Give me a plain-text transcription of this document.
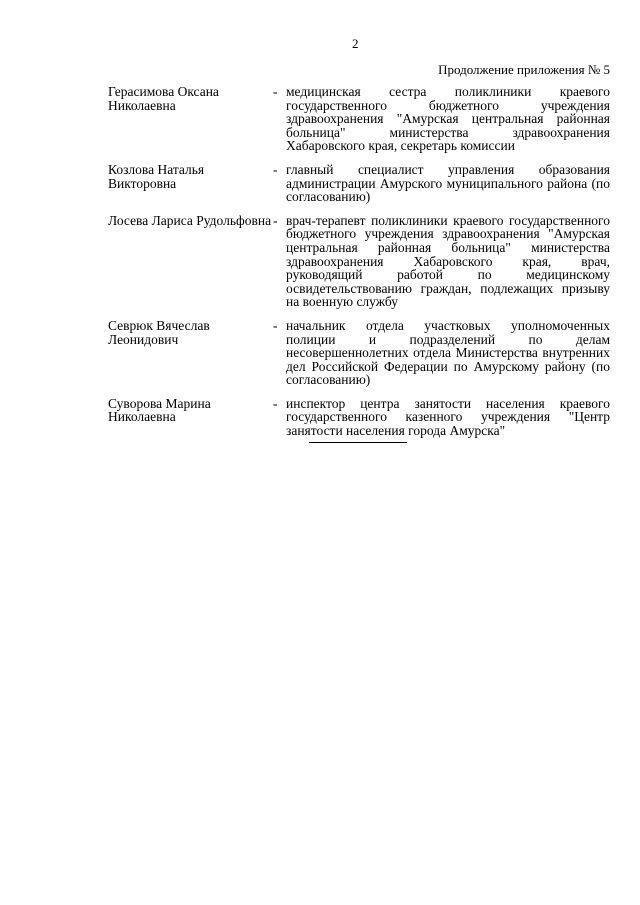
2
Продолжение приложения № 5
Герасимова Оксана Николаевна
- медицинская сестра поликлиники краевого государственного бюджетного учреждения здравоохранения "Амурская центральная районная больница" министерства здравоохранения Хабаровского края, секретарь комиссии
Козлова Наталья Викторовна
- главный специалист управления образования администрации Амурского муниципального района (по согласованию)
Лосева Лариса Рудольфовна - врач-терапевт поликлиники краевого государственного бюджетного учреждения здравоохранения "Амурская центральная районная больница" министерства здравоохранения Хабаровского края, врач, руководящий работой по медицинскому освидетельствованию граждан, подлежащих призыву на военную службу
Севрюк Вячеслав Леонидович
- начальник отдела участковых уполномоченных полиции и подразделений по делам несовершеннолетних отдела Министерства внутренних дел Российской Федерации по Амурскому району (по согласованию)
Суворова Марина Николаевна
- инспектор центра занятости населения краевого государственного казенного учреждения "Центр занятости населения города Амурска"
